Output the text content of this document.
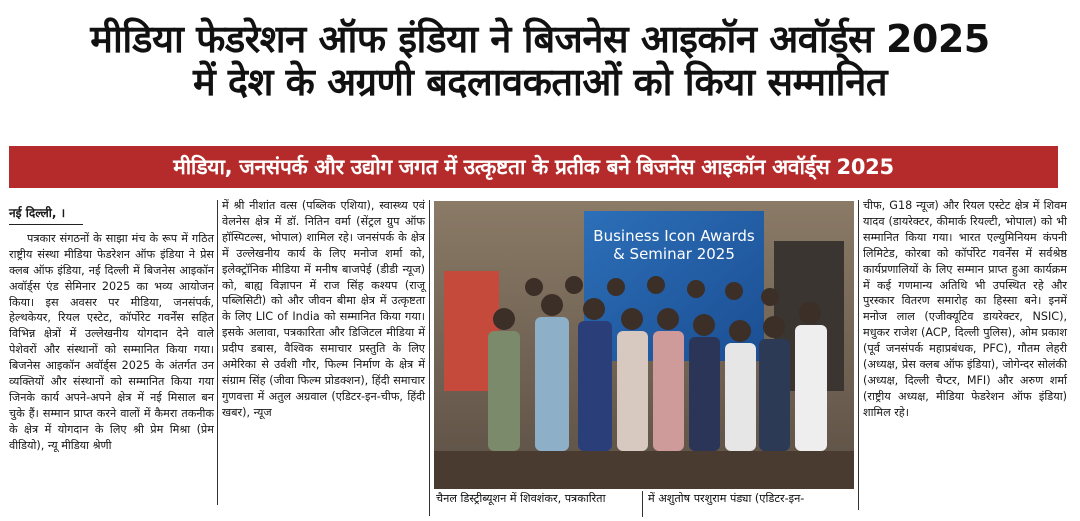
मीडिया फेडरेशन ऑफ इंडिया ने बिजनेस आइकॉन अवॉर्ड्स 2025
में देश के अग्रणी बदलावकताओं को किया सम्मानित
मीडिया, जनसंपर्क और उद्योग जगत में उत्कृष्टता के प्रतीक बने बिजनेस आइकॉन अवॉर्ड्स 2025
नई दिल्ली, ।
पत्रकार संगठनों के साझा मंच के रूप में गठित राष्ट्रीय संस्था मीडिया फेडरेशन ऑफ इंडिया ने प्रेस क्लब ऑफ इंडिया, नई दिल्ली में बिजनेस आइकॉन अवॉर्ड्स एंड सेमिनार 2025 का भव्य आयोजन किया। इस अवसर पर मीडिया, जनसंपर्क, हेल्थकेयर, रियल एस्टेट, कॉर्पोरेट गवर्नेंस सहित विभिन्न क्षेत्रों में उल्लेखनीय योगदान देने वाले पेशेवरों और संस्थानों को सम्मानित किया गया। बिजनेस आइकॉन अवॉर्ड्स 2025 के अंतर्गत उन व्यक्तियों और संस्थानों को सम्मानित किया गया जिनके कार्य अपने-अपने क्षेत्र में नई मिसाल बन चुके हैं। सम्मान प्राप्त करने वालों में कैमरा तकनीक के क्षेत्र में योगदान के लिए श्री प्रेम मिश्रा (प्रेम वीडियो), न्यू मीडिया श्रेणी
में श्री नीशांत वत्स (पब्लिक एशिया), स्वास्थ्य एवं वेलनेस क्षेत्र में डॉ. नितिन वर्मा (सेंट्रल ग्रुप ऑफ हॉस्पिटल्स, भोपाल) शामिल रहे। जनसंपर्क के क्षेत्र में उल्लेखनीय कार्य के लिए मनोज शर्मा को, इलेक्ट्रॉनिक मीडिया में मनीष बाजपेई (डीडी न्यूज) को, बाह्य विज्ञापन में राज सिंह कश्यप (राजू पब्लिसिटी) को और जीवन बीमा क्षेत्र में उत्कृष्टता के लिए LIC of India को सम्मानित किया गया। इसके अलावा, पत्रकारिता और डिजिटल मीडिया में प्रदीप डबास, वैश्विक समाचार प्रस्तुति के लिए अमेरिका से उर्वशी गौर, फिल्म निर्माण के क्षेत्र में संग्राम सिंह (जीवा फिल्म प्रोडक्शन), हिंदी समाचार गुणवत्ता में अतुल अग्रवाल (एडिटर-इन-चीफ, हिंदी खबर), न्यूज
Business Icon Awards
& Seminar 2025
चैनल डिस्ट्रीब्यूशन में शिवशंकर, पत्रकारिता	में अशुतोष परशुराम पंड्या (एडिटर-इन-
चीफ, G18 न्यूज) और रियल एस्टेट क्षेत्र में शिवम यादव (डायरेक्टर, कीमार्क रियल्टी, भोपाल) को भी सम्मानित किया गया। भारत एल्युमिनियम कंपनी लिमिटेड, कोरबा को कॉर्पोरेट गवर्नेंस में सर्वश्रेष्ठ कार्यप्रणालियों के लिए सम्मान प्राप्त हुआ कार्यक्रम में कई गणमान्य अतिथि भी उपस्थित रहे और पुरस्कार वितरण समारोह का हिस्सा बने। इनमें मनोज लाल (एजीक्यूटिव डायरेक्टर, NSIC), मधुकर राजेश (ACP, दिल्ली पुलिस), ओम प्रकाश (पूर्व जनसंपर्क महाप्रबंधक, PFC), गौतम लेहरी (अध्यक्ष, प्रेस क्लब ऑफ इंडिया), जोगेन्दर सोलंकी (अध्यक्ष, दिल्ली चैप्टर, MFI) और अरुण शर्मा (राष्ट्रीय अध्यक्ष, मीडिया फेडरेशन ऑफ इंडिया) शामिल रहे।
